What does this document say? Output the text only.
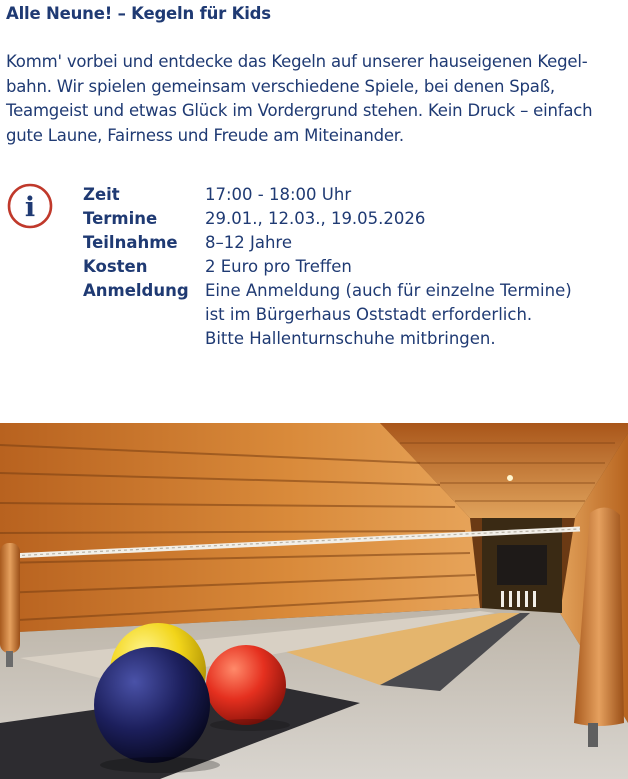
Alle Neune! – Kegeln für Kids
Komm' vorbei und entdecke das Kegeln auf unserer hauseigenen Kegel-
bahn. Wir spielen gemeinsam verschiedene Spiele, bei denen Spaß,
Teamgeist und etwas Glück im Vordergrund stehen. Kein Druck – einfach
gute Laune, Fairness und Freude am Miteinander.
i	Zeit	17:00 - 18:00 Uhr
Termine	29.01., 12.03., 19.05.2026
Teilnahme	8–12 Jahre
Kosten	2 Euro pro Treffen
Anmeldung Eine Anmeldung (auch für einzelne Termine)
ist im Bürgerhaus Oststadt erforderlich.
Bitte Hallenturnschuhe mitbringen.
